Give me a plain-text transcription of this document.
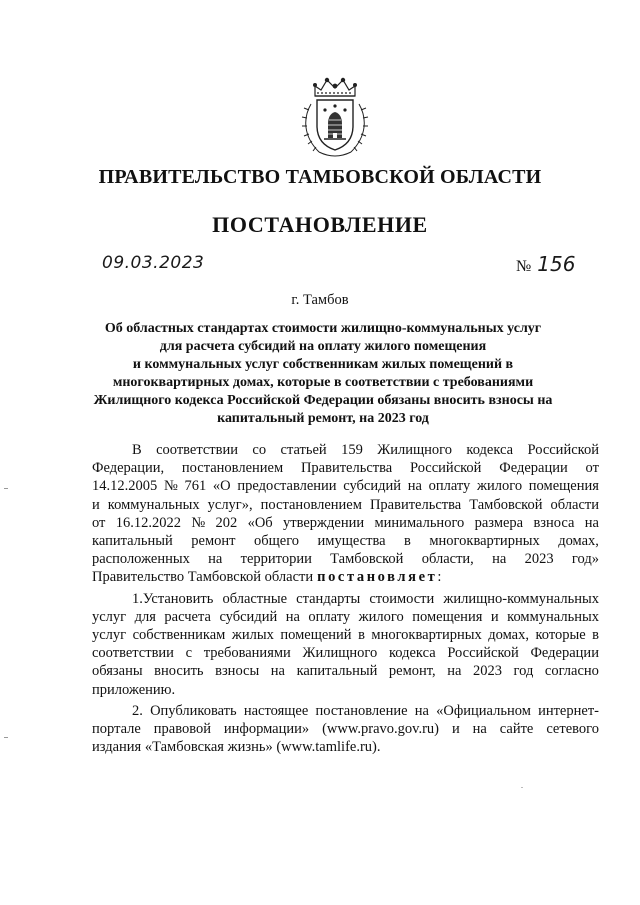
ПРАВИТЕЛЬСТВО ТАМБОВСКОЙ ОБЛАСТИ
ПОСТАНОВЛЕНИЕ
09.03.2023	№ 156
г. Тамбов
Об областных стандартах стоимости жилищно-коммунальных услуг
для расчета субсидий на оплату жилого помещения
и коммунальных услуг собственникам жилых помещений в
многоквартирных домах, которые в соответствии с требованиями
Жилищного кодекса Российской Федерации обязаны вносить взносы на
капитальный ремонт, на 2023 год
В соответствии со статьей 159 Жилищного кодекса Российской
Федерации, постановлением Правительства Российской Федерации от
14.12.2005 № 761 «О предоставлении субсидий на оплату жилого помещения
и коммунальных услуг», постановлением Правительства Тамбовской области
от 16.12.2022 № 202 «Об утверждении минимального размера взноса на
капитальный ремонт общего имущества в многоквартирных домах,
расположенных на территории Тамбовской области, на 2023 год»
Правительство Тамбовской области постановляет :
1.Установить областные стандарты стоимости жилищно-коммунальных
услуг для расчета субсидий на оплату жилого помещения и коммунальных
услуг собственникам жилых помещений в многоквартирных домах, которые в
соответствии с требованиями Жилищного кодекса Российской Федерации
обязаны вносить взносы на капитальный ремонт, на 2023 год согласно
приложению.
2. Опубликовать настоящее постановление на «Официальном интернет-
портале правовой информации» (www.pravo.gov.ru) и на сайте сетевого
издания «Тамбовская жизнь» (www.tamlife.ru).
